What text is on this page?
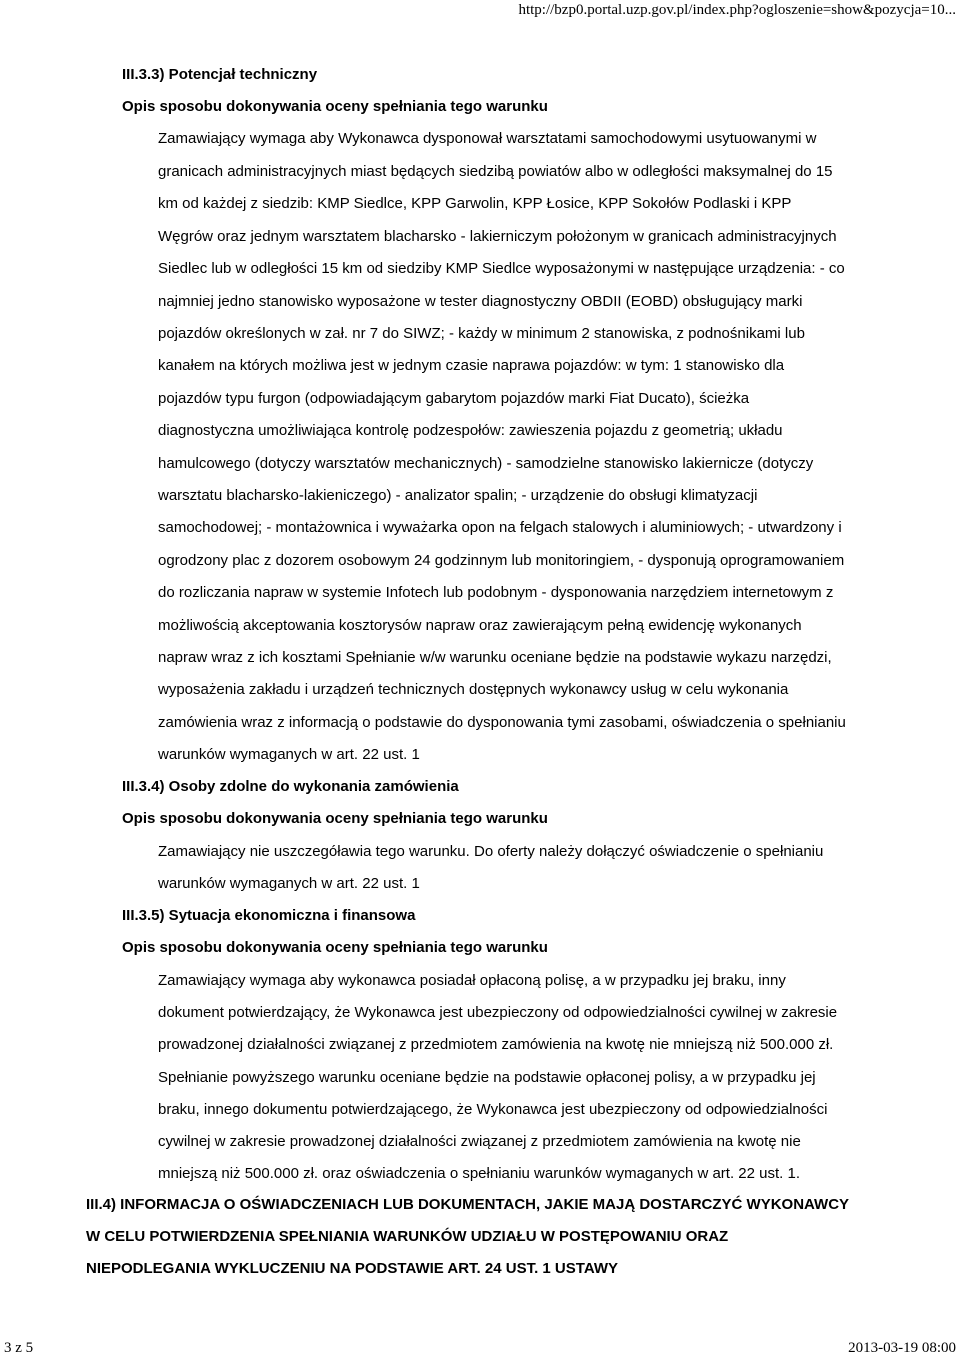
http://bzp0.portal.uzp.gov.pl/index.php?ogloszenie=show&pozycja=10...
III.3.3) Potencjał techniczny
Opis sposobu dokonywania oceny spełniania tego warunku
Zamawiający wymaga aby Wykonawca dysponował warsztatami samochodowymi usytuowanymi w
granicach administracyjnych miast będących siedzibą powiatów albo w odległości maksymalnej do 15
km od każdej z siedzib: KMP Siedlce, KPP Garwolin, KPP Łosice, KPP Sokołów Podlaski i KPP
Węgrów oraz jednym warsztatem blacharsko - lakierniczym położonym w granicach administracyjnych
Siedlec lub w odległości 15 km od siedziby KMP Siedlce wyposażonymi w następujące urządzenia: - co
najmniej jedno stanowisko wyposażone w tester diagnostyczny OBDII (EOBD) obsługujący marki
pojazdów określonych w zał. nr 7 do SIWZ; - każdy w minimum 2 stanowiska, z podnośnikami lub
kanałem na których możliwa jest w jednym czasie naprawa pojazdów: w tym: 1 stanowisko dla
pojazdów typu furgon (odpowiadającym gabarytom pojazdów marki Fiat Ducato), ścieżka
diagnostyczna umożliwiająca kontrolę podzespołów: zawieszenia pojazdu z geometrią; układu
hamulcowego (dotyczy warsztatów mechanicznych) - samodzielne stanowisko lakiernicze (dotyczy
warsztatu blacharsko-lakieniczego) - analizator spalin; - urządzenie do obsługi klimatyzacji
samochodowej; - montażownica i wyważarka opon na felgach stalowych i aluminiowych; - utwardzony i
ogrodzony plac z dozorem osobowym 24 godzinnym lub monitoringiem, - dysponują oprogramowaniem
do rozliczania napraw w systemie Infotech lub podobnym - dysponowania narzędziem internetowym z
możliwością akceptowania kosztorysów napraw oraz zawierającym pełną ewidencję wykonanych
napraw wraz z ich kosztami Spełnianie w/w warunku oceniane będzie na podstawie wykazu narzędzi,
wyposażenia zakładu i urządzeń technicznych dostępnych wykonawcy usług w celu wykonania
zamówienia wraz z informacją o podstawie do dysponowania tymi zasobami, oświadczenia o spełnianiu
warunków wymaganych w art. 22 ust. 1
III.3.4) Osoby zdolne do wykonania zamówienia
Opis sposobu dokonywania oceny spełniania tego warunku
Zamawiający nie uszczegóławia tego warunku. Do oferty należy dołączyć oświadczenie o spełnianiu
warunków wymaganych w art. 22 ust. 1
III.3.5) Sytuacja ekonomiczna i finansowa
Opis sposobu dokonywania oceny spełniania tego warunku
Zamawiający wymaga aby wykonawca posiadał opłaconą polisę, a w przypadku jej braku, inny
dokument potwierdzający, że Wykonawca jest ubezpieczony od odpowiedzialności cywilnej w zakresie
prowadzonej działalności związanej z przedmiotem zamówienia na kwotę nie mniejszą niż 500.000 zł.
Spełnianie powyższego warunku oceniane będzie na podstawie opłaconej polisy, a w przypadku jej
braku, innego dokumentu potwierdzającego, że Wykonawca jest ubezpieczony od odpowiedzialności
cywilnej w zakresie prowadzonej działalności związanej z przedmiotem zamówienia na kwotę nie
mniejszą niż 500.000 zł. oraz oświadczenia o spełnianiu warunków wymaganych w art. 22 ust. 1.
III.4) INFORMACJA O OŚWIADCZENIACH LUB DOKUMENTACH, JAKIE MAJĄ DOSTARCZYĆ WYKONAWCY
W CELU POTWIERDZENIA SPEŁNIANIA WARUNKÓW UDZIAŁU W POSTĘPOWANIU ORAZ
NIEPODLEGANIA WYKLUCZENIU NA PODSTAWIE ART. 24 UST. 1 USTAWY
3 z 5	2013-03-19 08:00
